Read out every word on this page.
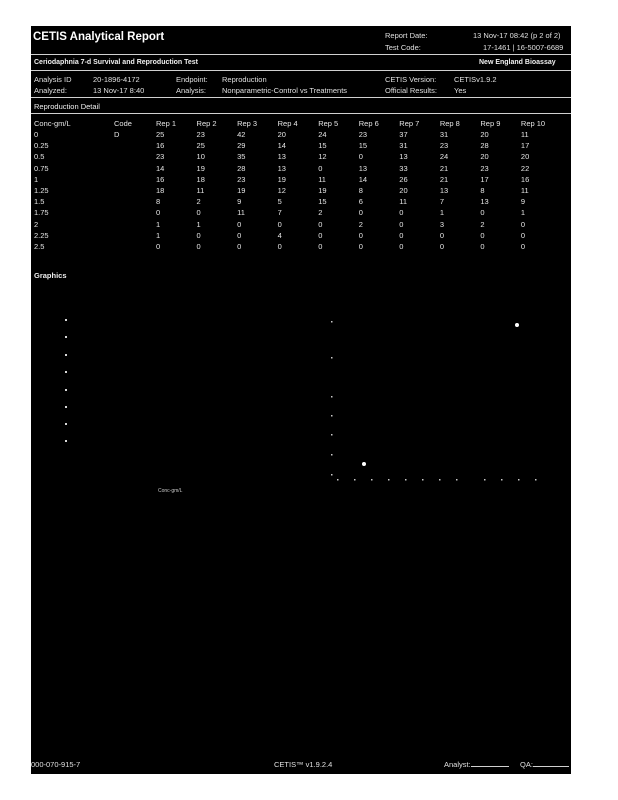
CETIS Analytical Report	Report Date:	13 Nov-17 08:42 (p 2 of 2)
Test Code:	17-1461 | 16-5007-6689
Ceriodaphnia 7-d Survival and Reproduction Test	New England Bioassay
Analysis ID	20-1896-4172	Endpoint: Reproduction	CETIS Version: CETISv1.9.2
Analyzed:	13 Nov-17 8:40	Analysis: Nonparametric-Control vs Treatments	Official Results: Yes
Reproduction Detail
Conc-gm/L	Code	Rep 1	Rep 2	Rep 3	Rep 4	Rep 5	Rep 6	Rep 7	Rep 8	Rep 9	Rep 10
0	D	25	23	42	20	24	23	37	31	20	11
0.25		16	25	29	14	15	15	31	23	28	17
0.5		23	10	35	13	12	0	13	24	20	20
0.75		14	19	28	13	0	13	33	21	23	22
1		16	18	23	19	11	14	26	21	17	16
1.25		18	11	19	12	19	8	20	13	8	11
1.5		8	2	9	5	15	6	11	7	13	9
1.75		0	0	11	7	2	0	0	1	0	1
2		1	1	0	0	0	2	0	3	2	0
2.25		1	0	0	4	0	0	0	0	0	0
2.5		0	0	0	0	0	0	0	0	0	0
Graphics
Conc-gm/L
000-070-915-7	CETIS™ v1.9.2.4	Analyst:	QA:
